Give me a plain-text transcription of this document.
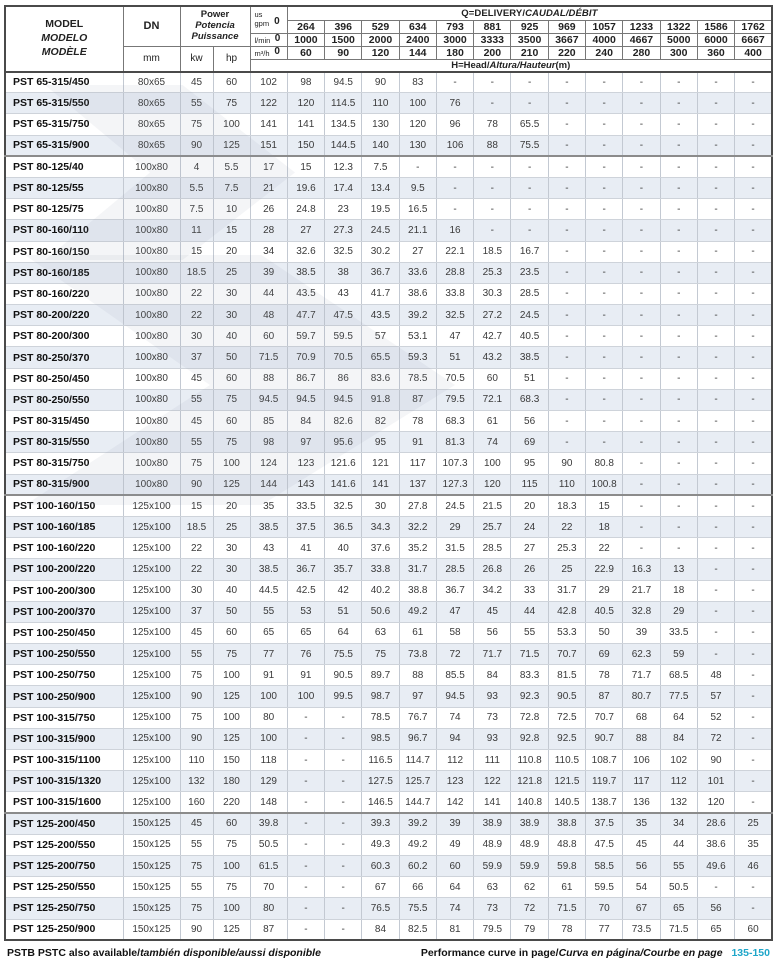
MODEL
MODELO
MODÈLE	DN	Power
Potencia
Puissance		us
gpm 0	Q=DELIVERY/CAUDAL/DÉBIT												
					264	396	529	634	793	881	925	969	1057	1233	1322	1586	1762

				l/min 0	1000	1500	2000	2400	3000	3333	3500	3667	4000	4667	5000	6000	6667
	mm	kw	hp	m³/h 0	60	90	120	144	180	200	210	220	240	280	300	360	400
				H=Head/Altura/Hauteur(m)													
PST 65-315/450	80x65	45	60	102	98	94.5	90	83	-	-	-	-	-	-	-	-	-
PST 65-315/550	80x65	55	75	122	120	114.5	110	100	76	-	-	-	-	-	-	-	-
PST 65-315/750	80x65	75	100	141	141	134.5	130	120	96	78	65.5	-	-	-	-	-	-
PST 65-315/900	80x65	90	125	151	150	144.5	140	130	106	88	75.5	-	-	-	-	-	-
PST 80-125/40	100x80	4	5.5	17	15	12.3	7.5	-	-	-	-	-	-	-	-	-	-
PST 80-125/55	100x80	5.5	7.5	21	19.6	17.4	13.4	9.5	-	-	-	-	-	-	-	-	-
PST 80-125/75	100x80	7.5	10	26	24.8	23	19.5	16.5	-	-	-	-	-	-	-	-	-
PST 80-160/110	100x80	11	15	28	27	27.3	24.5	21.1	16	-	-	-	-	-	-	-	-
PST 80-160/150	100x80	15	20	34	32.6	32.5	30.2	27	22.1	18.5	16.7	-	-	-	-	-	-
PST 80-160/185	100x80	18.5	25	39	38.5	38	36.7	33.6	28.8	25.3	23.5	-	-	-	-	-	-
PST 80-160/220	100x80	22	30	44	43.5	43	41.7	38.6	33.8	30.3	28.5	-	-	-	-	-	-
PST 80-200/220	100x80	22	30	48	47.7	47.5	43.5	39.2	32.5	27.2	24.5	-	-	-	-	-	-
PST 80-200/300	100x80	30	40	60	59.7	59.5	57	53.1	47	42.7	40.5	-	-	-	-	-	-
PST 80-250/370	100x80	37	50	71.5	70.9	70.5	65.5	59.3	51	43.2	38.5	-	-	-	-	-	-
PST 80-250/450	100x80	45	60	88	86.7	86	83.6	78.5	70.5	60	51	-	-	-	-	-	-
PST 80-250/550	100x80	55	75	94.5	94.5	94.5	91.8	87	79.5	72.1	68.3	-	-	-	-	-	-
PST 80-315/450	100x80	45	60	85	84	82.6	82	78	68.3	61	56	-	-	-	-	-	-
PST 80-315/550	100x80	55	75	98	97	95.6	95	91	81.3	74	69	-	-	-	-	-	-
PST 80-315/750	100x80	75	100	124	123	121.6	121	117	107.3	100	95	90	80.8	-	-	-	-
PST 80-315/900	100x80	90	125	144	143	141.6	141	137	127.3	120	115	110	100.8	-	-	-	-
PST 100-160/150	125x100	15	20	35	33.5	32.5	30	27.8	24.5	21.5	20	18.3	15	-	-	-	-
PST 100-160/185	125x100	18.5	25	38.5	37.5	36.5	34.3	32.2	29	25.7	24	22	18	-	-	-	-
PST 100-160/220	125x100	22	30	43	41	40	37.6	35.2	31.5	28.5	27	25.3	22	-	-	-	-
PST 100-200/220	125x100	22	30	38.5	36.7	35.7	33.8	31.7	28.5	26.8	26	25	22.9	16.3	13	-	-
PST 100-200/300	125x100	30	40	44.5	42.5	42	40.2	38.8	36.7	34.2	33	31.7	29	21.7	18	-	-
PST 100-200/370	125x100	37	50	55	53	51	50.6	49.2	47	45	44	42.8	40.5	32.8	29	-	-
PST 100-250/450	125x100	45	60	65	65	64	63	61	58	56	55	53.3	50	39	33.5	-	-
PST 100-250/550	125x100	55	75	77	76	75.5	75	73.8	72	71.7	71.5	70.7	69	62.3	59	-	-
PST 100-250/750	125x100	75	100	91	91	90.5	89.7	88	85.5	84	83.3	81.5	78	71.7	68.5	48	-
PST 100-250/900	125x100	90	125	100	100	99.5	98.7	97	94.5	93	92.3	90.5	87	80.7	77.5	57	-
PST 100-315/750	125x100	75	100	80	-	-	78.5	76.7	74	73	72.8	72.5	70.7	68	64	52	-
PST 100-315/900	125x100	90	125	100	-	-	98.5	96.7	94	93	92.8	92.5	90.7	88	84	72	-
PST 100-315/1100	125x100	110	150	118	-	-	116.5	114.7	112	111	110.8	110.5	108.7	106	102	90	-
PST 100-315/1320	125x100	132	180	129	-	-	127.5	125.7	123	122	121.8	121.5	119.7	117	112	101	-
PST 100-315/1600	125x100	160	220	148	-	-	146.5	144.7	142	141	140.8	140.5	138.7	136	132	120	-
PST 125-200/450	150x125	45	60	39.8	-	-	39.3	39.2	39	38.9	38.9	38.8	37.5	35	34	28.6	25
PST 125-200/550	150x125	55	75	50.5	-	-	49.3	49.2	49	48.9	48.9	48.8	47.5	45	44	38.6	35
PST 125-200/750	150x125	75	100	61.5	-	-	60.3	60.2	60	59.9	59.9	59.8	58.5	56	55	49.6	46
PST 125-250/550	150x125	55	75	70	-	-	67	66	64	63	62	61	59.5	54	50.5	-	-
PST 125-250/750	150x125	75	100	80	-	-	76.5	75.5	74	73	72	71.5	70	67	65	56	-
PST 125-250/900	150x125	90	125	87	-	-	84	82.5	81	79.5	79	78	77	73.5	71.5	65	60
PSTB PSTC also available/también disponible/aussi disponible	Performance curve in page/Curva en página/Courbe en page 135-150
